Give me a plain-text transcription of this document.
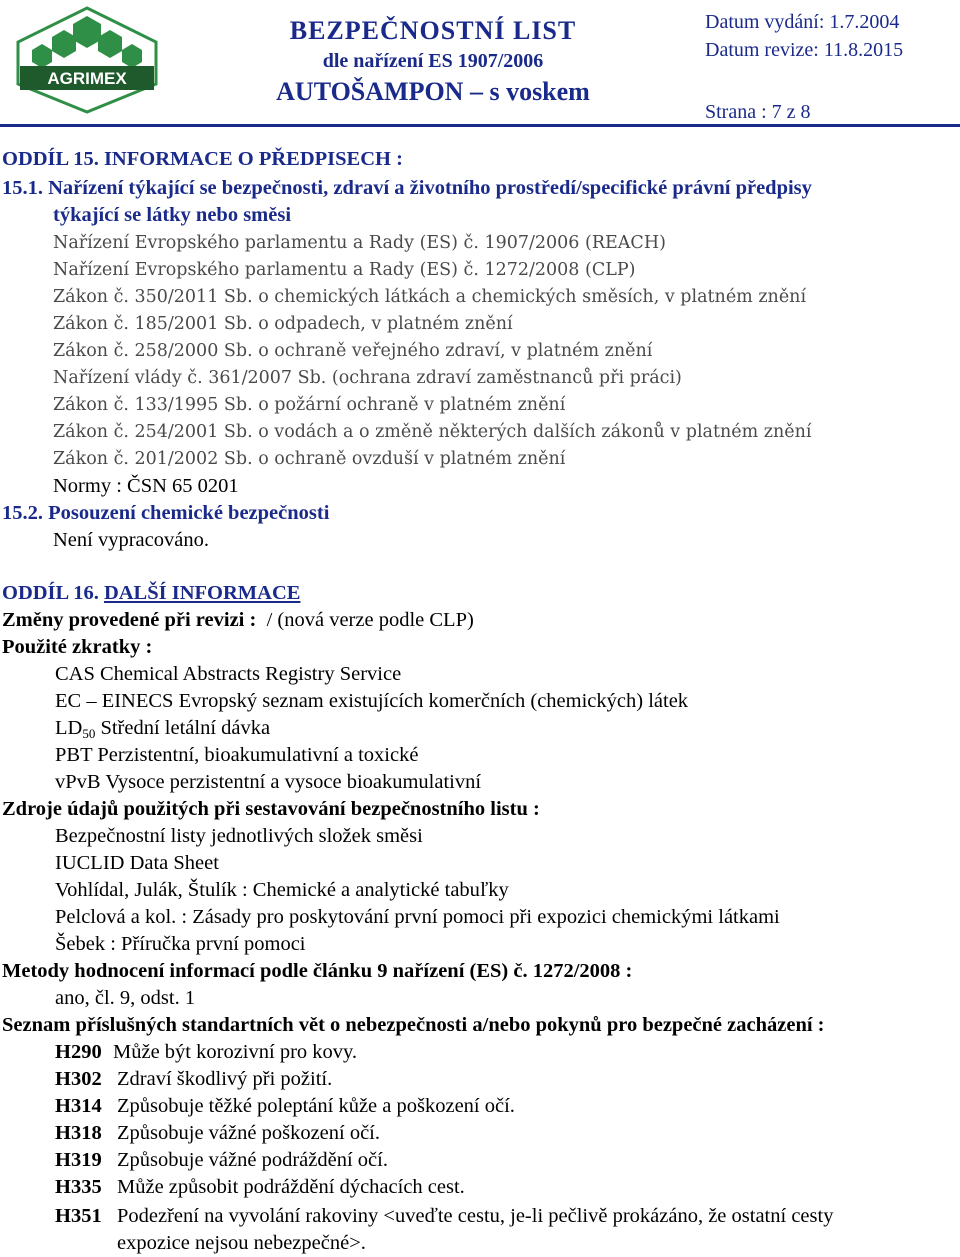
AGRIMEX
BEZPEČNOSTNÍ LIST
dle nařízení ES 1907/2006
AUTOŠAMPON – s voskem
Datum vydání: 1.7.2004
Datum revize: 11.8.2015
Strana : 7 z 8
ODDÍL 15. INFORMACE O PŘEDPISECH :
15.1. Nařízení týkající se bezpečnosti, zdraví a životního prostředí/specifické právní předpisy
týkající se látky nebo směsi
Nařízení Evropského parlamentu a Rady (ES) č. 1907/2006 (REACH)
Nařízení Evropského parlamentu a Rady (ES) č. 1272/2008 (CLP)
Zákon č. 350/2011 Sb. o chemických látkách a chemických směsích, v platném znění
Zákon č. 185/2001 Sb. o odpadech, v platném znění
Zákon č. 258/2000 Sb. o ochraně veřejného zdraví, v platném znění
Nařízení vlády č. 361/2007 Sb. (ochrana zdraví zaměstnanců při práci)
Zákon č. 133/1995 Sb. o požární ochraně v platném znění
Zákon č. 254/2001 Sb. o vodách a o změně některých dalších zákonů v platném znění
Zákon č. 201/2002 Sb. o ochraně ovzduší v platném znění
Normy : ČSN 65 0201
15.2. Posouzení chemické bezpečnosti
Není vypracováno.
ODDÍL 16. DALŠÍ INFORMACE
Změny provedené při revizi : / (nová verze podle CLP)
Použité zkratky :
CAS Chemical Abstracts Registry Service
EC – EINECS Evropský seznam existujících komerčních (chemických) látek
$LD_{50}$ Střední letální dávka
PBT Perzistentní, bioakumulativní a toxické
vPvB Vysoce perzistentní a vysoce bioakumulativní
Zdroje údajů použitých při sestavování bezpečnostního listu :
Bezpečnostní listy jednotlivých složek směsi
IUCLID Data Sheet
Vohlídal, Julák, Štulík : Chemické a analytické tabuľky
Pelclová a kol. : Zásady pro poskytování první pomoci při expozici chemickými látkami
Šebek : Příručka první pomoci
Metody hodnocení informací podle článku 9 nařízení (ES) č. 1272/2008 :
ano, čl. 9, odst. 1
Seznam příslušných standartních vět o nebezpečnosti a/nebo pokynů pro bezpečné zacházení :
H290 Může být korozivní pro kovy.
H302 Zdraví škodlivý při požití.
H314 Způsobuje těžké poleptání kůže a poškození očí.
H318 Způsobuje vážné poškození očí.
H319 Způsobuje vážné podráždění očí.
H335 Může způsobit podráždění dýchacích cest.
H351 Podezření na vyvolání rakoviny <uveďte cestu, je-li pečlivě prokázáno, že ostatní cesty
expozice nejsou nebezpečné>.
